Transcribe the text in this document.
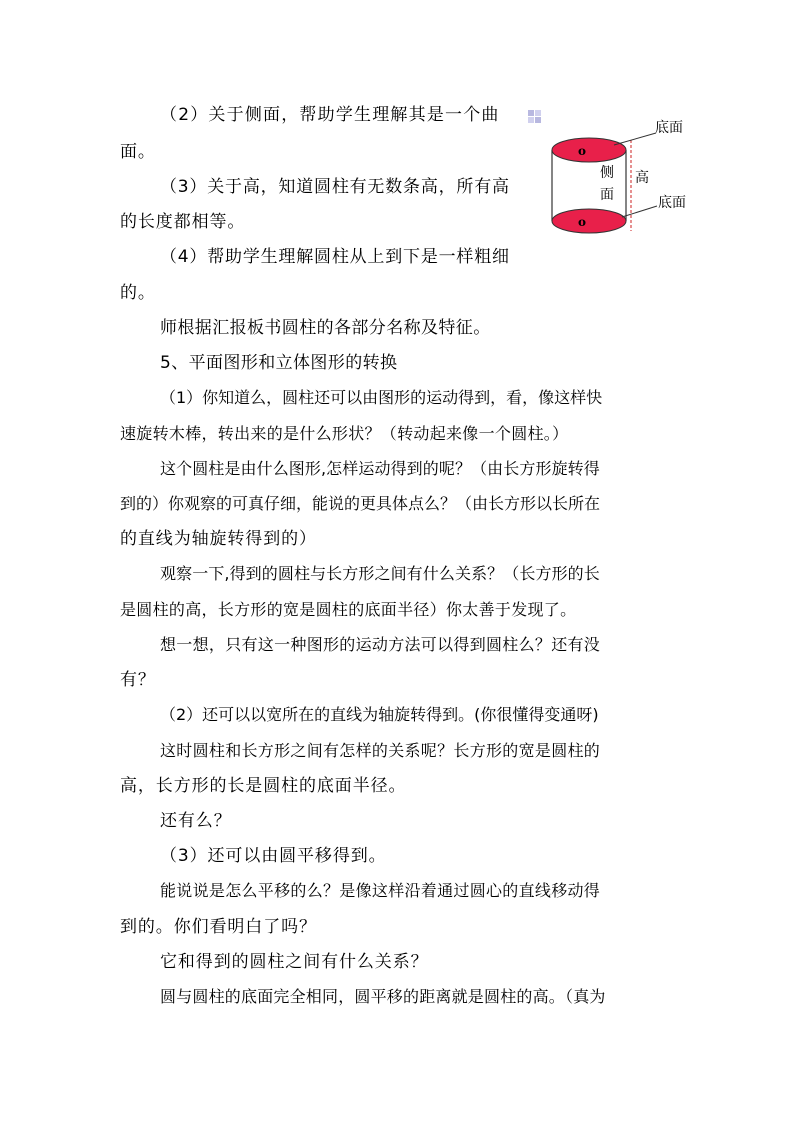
（2）关于侧面，帮助学生理解其是一个曲
面。
（3）关于高，知道圆柱有无数条高，所有高
的长度都相等。
（4）帮助学生理解圆柱从上到下是一样粗细
的。
师根据汇报板书圆柱的各部分名称及特征。
5、平面图形和立体图形的转换
（1）你知道么，圆柱还可以由图形的运动得到，看，像这样快
速旋转木棒，转出来的是什么形状？（转动起来像一个圆柱。）
这个圆柱是由什么图形,怎样运动得到的呢？（由长方形旋转得
到的）你观察的可真仔细，能说的更具体点么？（由长方形以长所在
的直线为轴旋转得到的）
观察一下,得到的圆柱与长方形之间有什么关系？（长方形的长
是圆柱的高，长方形的宽是圆柱的底面半径）你太善于发现了。
想一想，只有这一种图形的运动方法可以得到圆柱么？还有没
有？
（2）还可以以宽所在的直线为轴旋转得到。(你很懂得变通呀)
这时圆柱和长方形之间有怎样的关系呢？长方形的宽是圆柱的
高，长方形的长是圆柱的底面半径。
还有么？
（3）还可以由圆平移得到。
能说说是怎么平移的么？是像这样沿着通过圆心的直线移动得
到的。你们看明白了吗？
它和得到的圆柱之间有什么关系？
圆与圆柱的底面完全相同，圆平移的距离就是圆柱的高。（真为
o
o
侧
面
高
底面
底面
